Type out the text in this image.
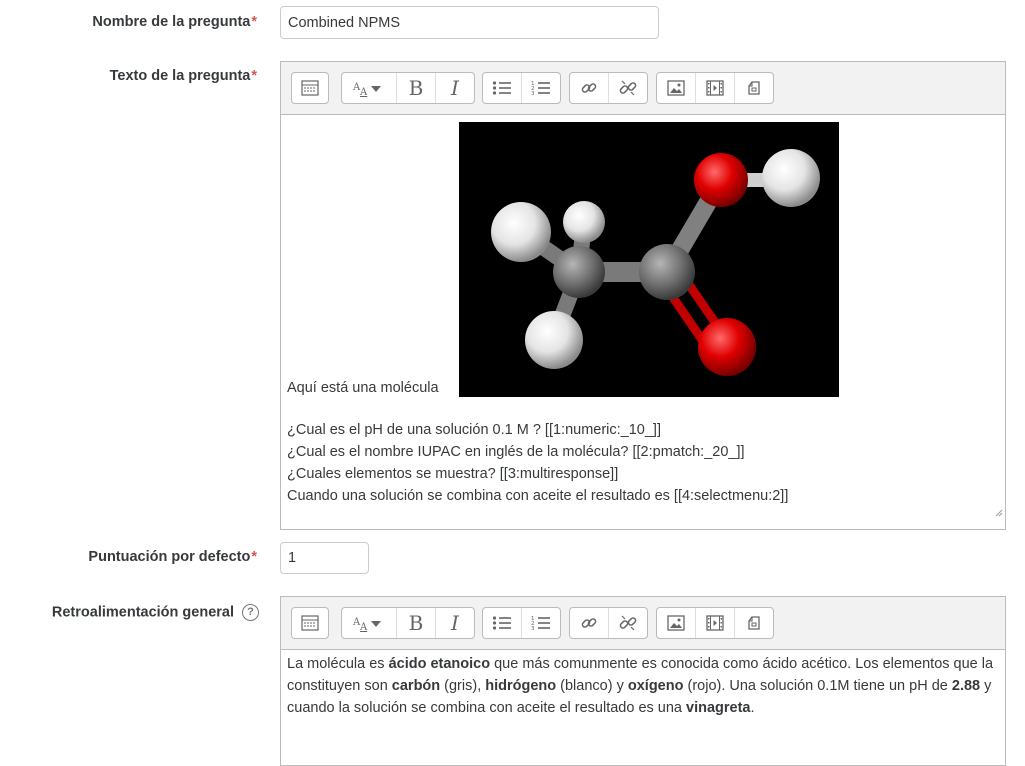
Nombre de la pregunta*
Combined NPMS
Texto de la pregunta*
A A B I	1
2
3
Aquí está una molécula
¿Cual es el pH de una solución 0.1 M ? [[1:numeric:_10_]]
¿Cual es el nombre IUPAC en inglés de la molécula? [[2:pmatch:_20_]]
¿Cuales elementos se muestra? [[3:multiresponse]]
Cuando una solución se combina con aceite el resultado es [[4:selectmenu:2]]
Puntuación por defecto*
1
Retroalimentación general ?
A A B I	1
2
3
La molécula es ácido etanoico que más comunmente es conocida como ácido acético. Los elementos que la constituyen son carbón (gris), hidrógeno (blanco) y oxígeno (rojo). Una solución 0.1M tiene un pH de 2.88 y cuando la solución se combina con aceite el resultado es una vinagreta.
